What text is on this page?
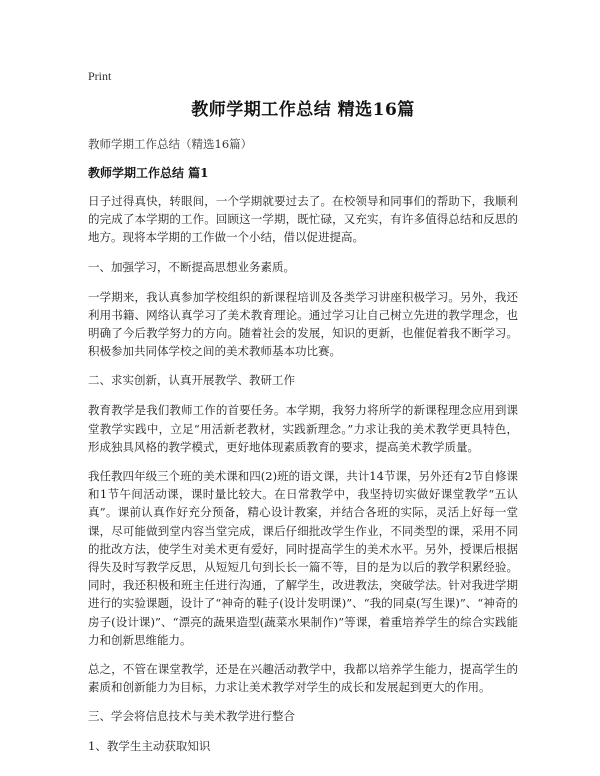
Print
教师学期工作总结 精选16篇
教师学期工作总结（精选16篇）
教师学期工作总结 篇1
日子过得真快，转眼间，一个学期就要过去了。在校领导和同事们的帮助下，我顺利的完成了本学期的工作。回顾这一学期，既忙碌，又充实，有许多值得总结和反思的地方。现将本学期的工作做一个小结，借以促进提高。
一、加强学习，不断提高思想业务素质。
一学期来，我认真参加学校组织的新课程培训及各类学习讲座积极学习。另外，我还利用书籍、网络认真学习了美术教育理论。通过学习让自己树立先进的教学理念，也明确了今后教学努力的方向。随着社会的发展，知识的更新，也催促着我不断学习。积极参加共同体学校之间的美术教师基本功比赛。
二、求实创新，认真开展教学、教研工作
教育教学是我们教师工作的首要任务。本学期，我努力将所学的新课程理念应用到课堂教学实践中，立足“用活新老教材，实践新理念。”力求让我的美术教学更具特色，形成独具风格的教学模式，更好地体现素质教育的要求，提高美术教学质量。
我任教四年级三个班的美术课和四(2)班的语文课，共计14节课，另外还有2节自修课和1节午间活动课，课时量比较大。在日常教学中，我坚持切实做好课堂教学“五认真”。课前认真作好充分预备，精心设计教案，并结合各班的实际，灵活上好每一堂课，尽可能做到堂内容当堂完成，课后仔细批改学生作业，不同类型的课，采用不同的批改方法，使学生对美术更有爱好，同时提高学生的美术水平。另外，授课后根据得失及时写教学反思，从短短几句到长长一篇不等，目的是为以后的教学积累经验。同时，我还积极和班主任进行沟通，了解学生，改进教法，突破学法。针对我进学期进行的实验课题，设计了“神奇的鞋子(设计发明课)”、“我的同桌(写生课)”、“神奇的房子(设计课)”、“漂亮的蔬果造型(蔬菜水果制作)”等课，着重培养学生的综合实践能力和创新思维能力。
总之，不管在课堂教学，还是在兴趣活动教学中，我都以培养学生能力，提高学生的素质和创新能力为目标，力求让美术教学对学生的成长和发展起到更大的作用。
三、学会将信息技术与美术教学进行整合
1、教学生主动获取知识
